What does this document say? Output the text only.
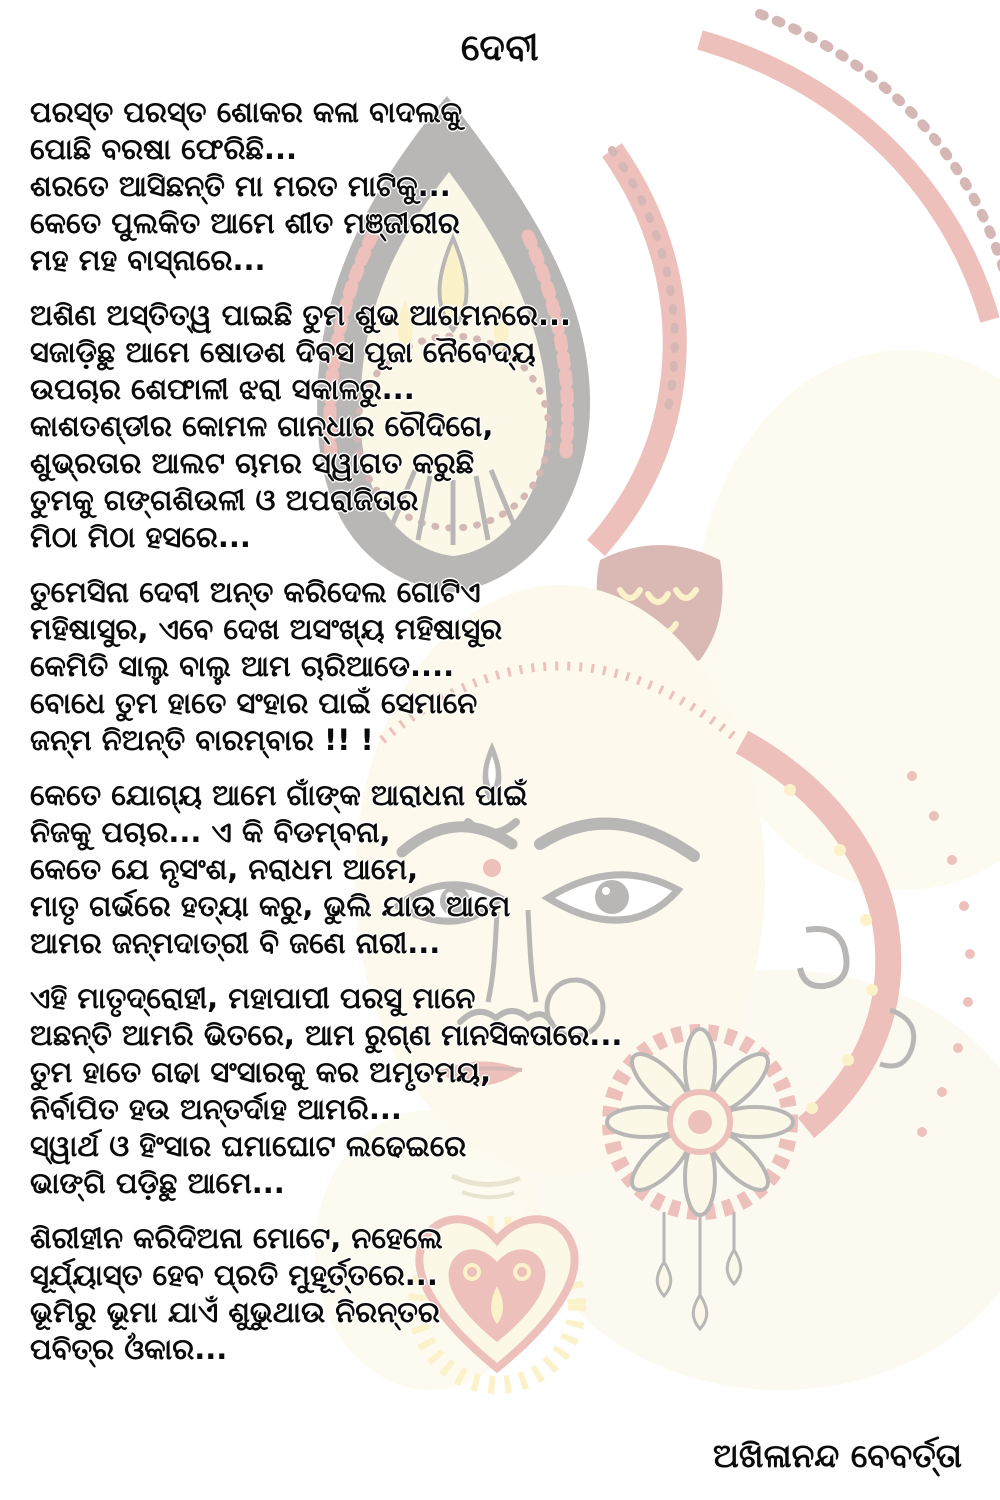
ଦେବୀ
ପରସ୍ତ ପରସ୍ତ ଶୋକର କଳା ବାଦଲକୁ
ପୋଛି ବରଷା ଫେରିଛି...
ଶରତେ ଆସିଛନ୍ତି ମା ମରତ ମାଟିକୁ...
କେତେ ପୁଲକିତ ଆମେ ଶୀତ ମଞ୍ଜୀରୀର
ମହ ମହ ବାସ୍ନାରେ...
ଅଶିଣ ଅସ୍ତିତ୍ୱ ପାଇଛି ତୁମ ଶୁଭ ଆଗମନରେ...
ସଜାଡ଼ିଛୁ ଆମେ ଷୋଡଶ ଦିବସ ପୂଜା ନୈବେଦ୍ୟ
ଉପଚାର ଶେଫାଳୀ ଝରା ସକାଳରୁ...
କାଶତଣ୍ଡୀର କୋମଳ ଗାନ୍ଧାର ଚୌଦିଗେ,
ଶୁଭ୍ରତାର ଆଲଟ ଚାମର ସ୍ୱାଗତ କରୁଛି
ତୁମକୁ ଗଙ୍ଗଶିଉଳୀ ଓ ଅପରାଜିତାର
ମିଠା ମିଠା ହସରେ...
ତୁମେସିନା ଦେବୀ ଅନ୍ତ କରିଦେଲ ଗୋଟିଏ
ମହିଷାସୁର, ଏବେ ଦେଖ ଅସଂଖ୍ୟ ମହିଷାସୁର
କେମିତି ସାଲୁ ବାଲୁ ଆମ ଚାରିଆଡେ....
ବୋଧେ ତୁମ ହାତେ ସଂହାର ପାଇଁ ସେମାନେ
ଜନ୍ମ ନିଅନ୍ତି ବାରମ୍ବାର !! !
କେତେ ଯୋଗ୍ୟ ଆମେ ଗାଁଙ୍କ ଆରାଧନା ପାଇଁ
ନିଜକୁ ପଚାର... ଏ କି ବିଡମ୍ବନା,
କେତେ ଯେ ନୃସଂଶ, ନରାଧମ ଆମେ,
ମାତୃ ଗର୍ଭରେ ହତ୍ୟା କରୁ, ଭୁଲି ଯାଉ ଆମେ
ଆମର ଜନ୍ମଦାତ୍ରୀ ବି ଜଣେ ନାରୀ...
ଏହି ମାତୃଦ୍ରୋହୀ, ମହାପାପୀ ପରସୁ ମାନେ
ଅଛନ୍ତି ଆମରି ଭିତରେ, ଆମ ରୁଗ୍ଣ ମାନସିକତାରେ...
ତୁମ ହାତେ ଗଢା ସଂସାରକୁ କର ଅମୃତମୟ,
ନିର୍ବାପିତ ହଉ ଅନ୍ତର୍ଦାହ ଆମରି...
ସ୍ୱାର୍ଥ ଓ ହିଂସାର ଘମାଘୋଟ ଲଢେଇରେ
ଭାଙ୍ଗି ପଡ଼ିଛୁ ଆମେ...
ଶିରୀହୀନ କରିଦିଅନା ମୋଟେ, ନହେଲେ
ସୂର୍ଯ୍ୟାସ୍ତ ହେବ ପ୍ରତି ମୁହୂର୍ତ୍ତରେ...
ଭୂମିରୁ ଭୂମା ଯାଏଁ ଶୁଭୁଥାଉ ନିରନ୍ତର
ପବିତ୍ର ଓଁକାର...
ଅଖିଳାନନ୍ଦ ବେବର୍ତ୍ତା
